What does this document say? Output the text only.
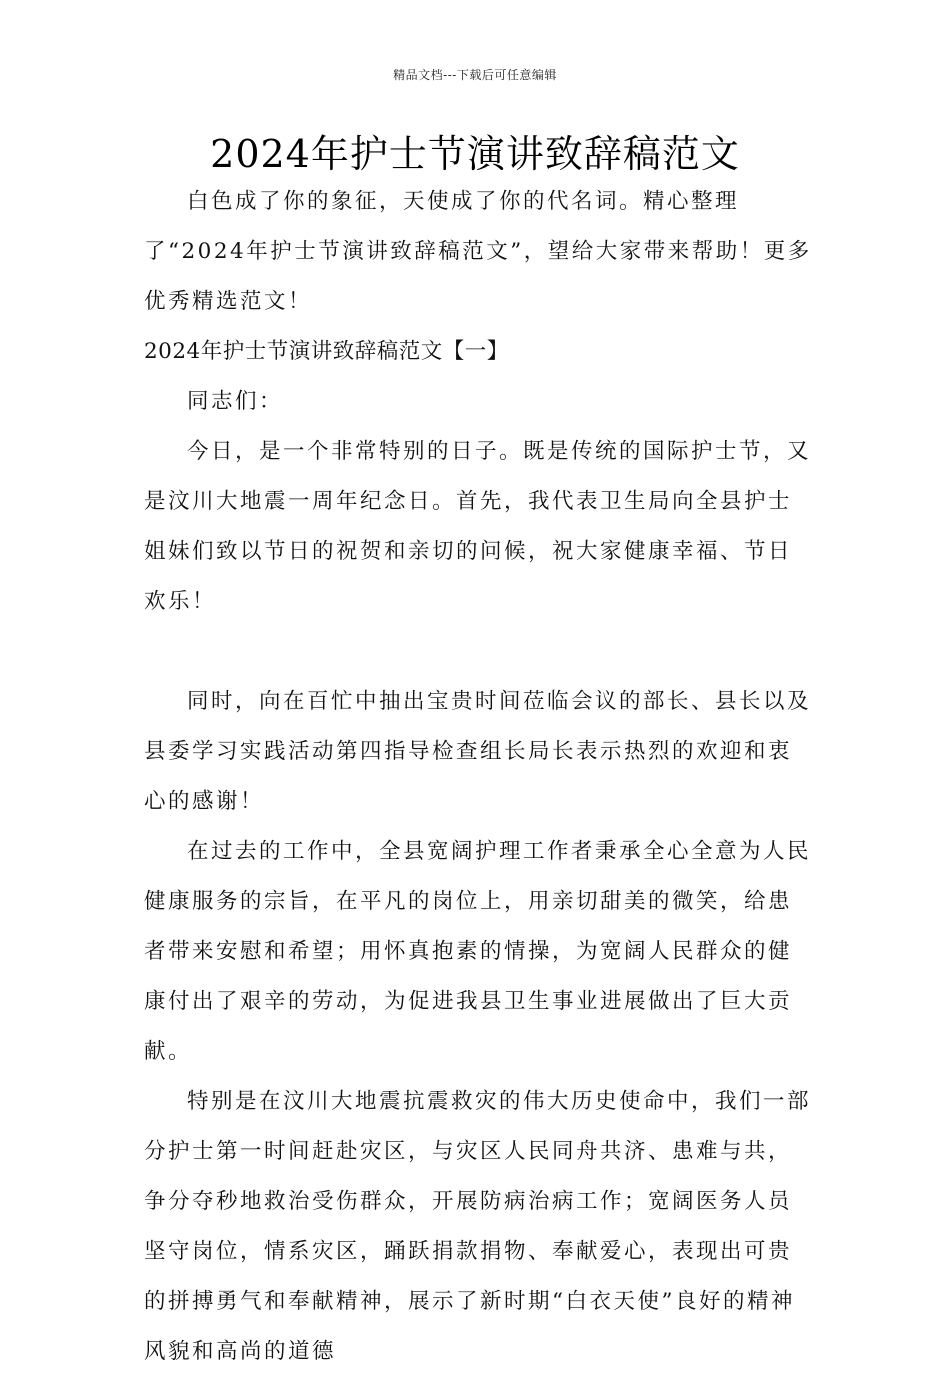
精品文档---下载后可任意编辑
2024年护士节演讲致辞稿范文

白色成了你的象征，天使成了你的代名词。精心整理了“2024年护士节演讲致辞稿范文”，望给大家带来帮助！更多优秀精选范文！

2024年护士节演讲致辞稿范文【一】

同志们：

今日，是一个非常特别的日子。既是传统的国际护士节，又是汶川大地震一周年纪念日。首先，我代表卫生局向全县护士姐妹们致以节日的祝贺和亲切的问候，祝大家健康幸福、节日欢乐！

同时，向在百忙中抽出宝贵时间莅临会议的部长、县长以及县委学习实践活动第四指导检查组长局长表示热烈的欢迎和衷心的感谢！

在过去的工作中，全县宽阔护理工作者秉承全心全意为人民健康服务的宗旨，在平凡的岗位上，用亲切甜美的微笑，给患者带来安慰和希望；用怀真抱素的情操，为宽阔人民群众的健康付出了艰辛的劳动，为促进我县卫生事业进展做出了巨大贡献。

特别是在汶川大地震抗震救灾的伟大历史使命中，我们一部分护士第一时间赶赴灾区，与灾区人民同舟共济、患难与共，争分夺秒地救治受伤群众，开展防病治病工作；宽阔医务人员坚守岗位，情系灾区，踊跃捐款捐物、奉献爱心，表现出可贵的拼搏勇气和奉献精神，展示了新时期“白衣天使”良好的精神风貌和高尚的道德
